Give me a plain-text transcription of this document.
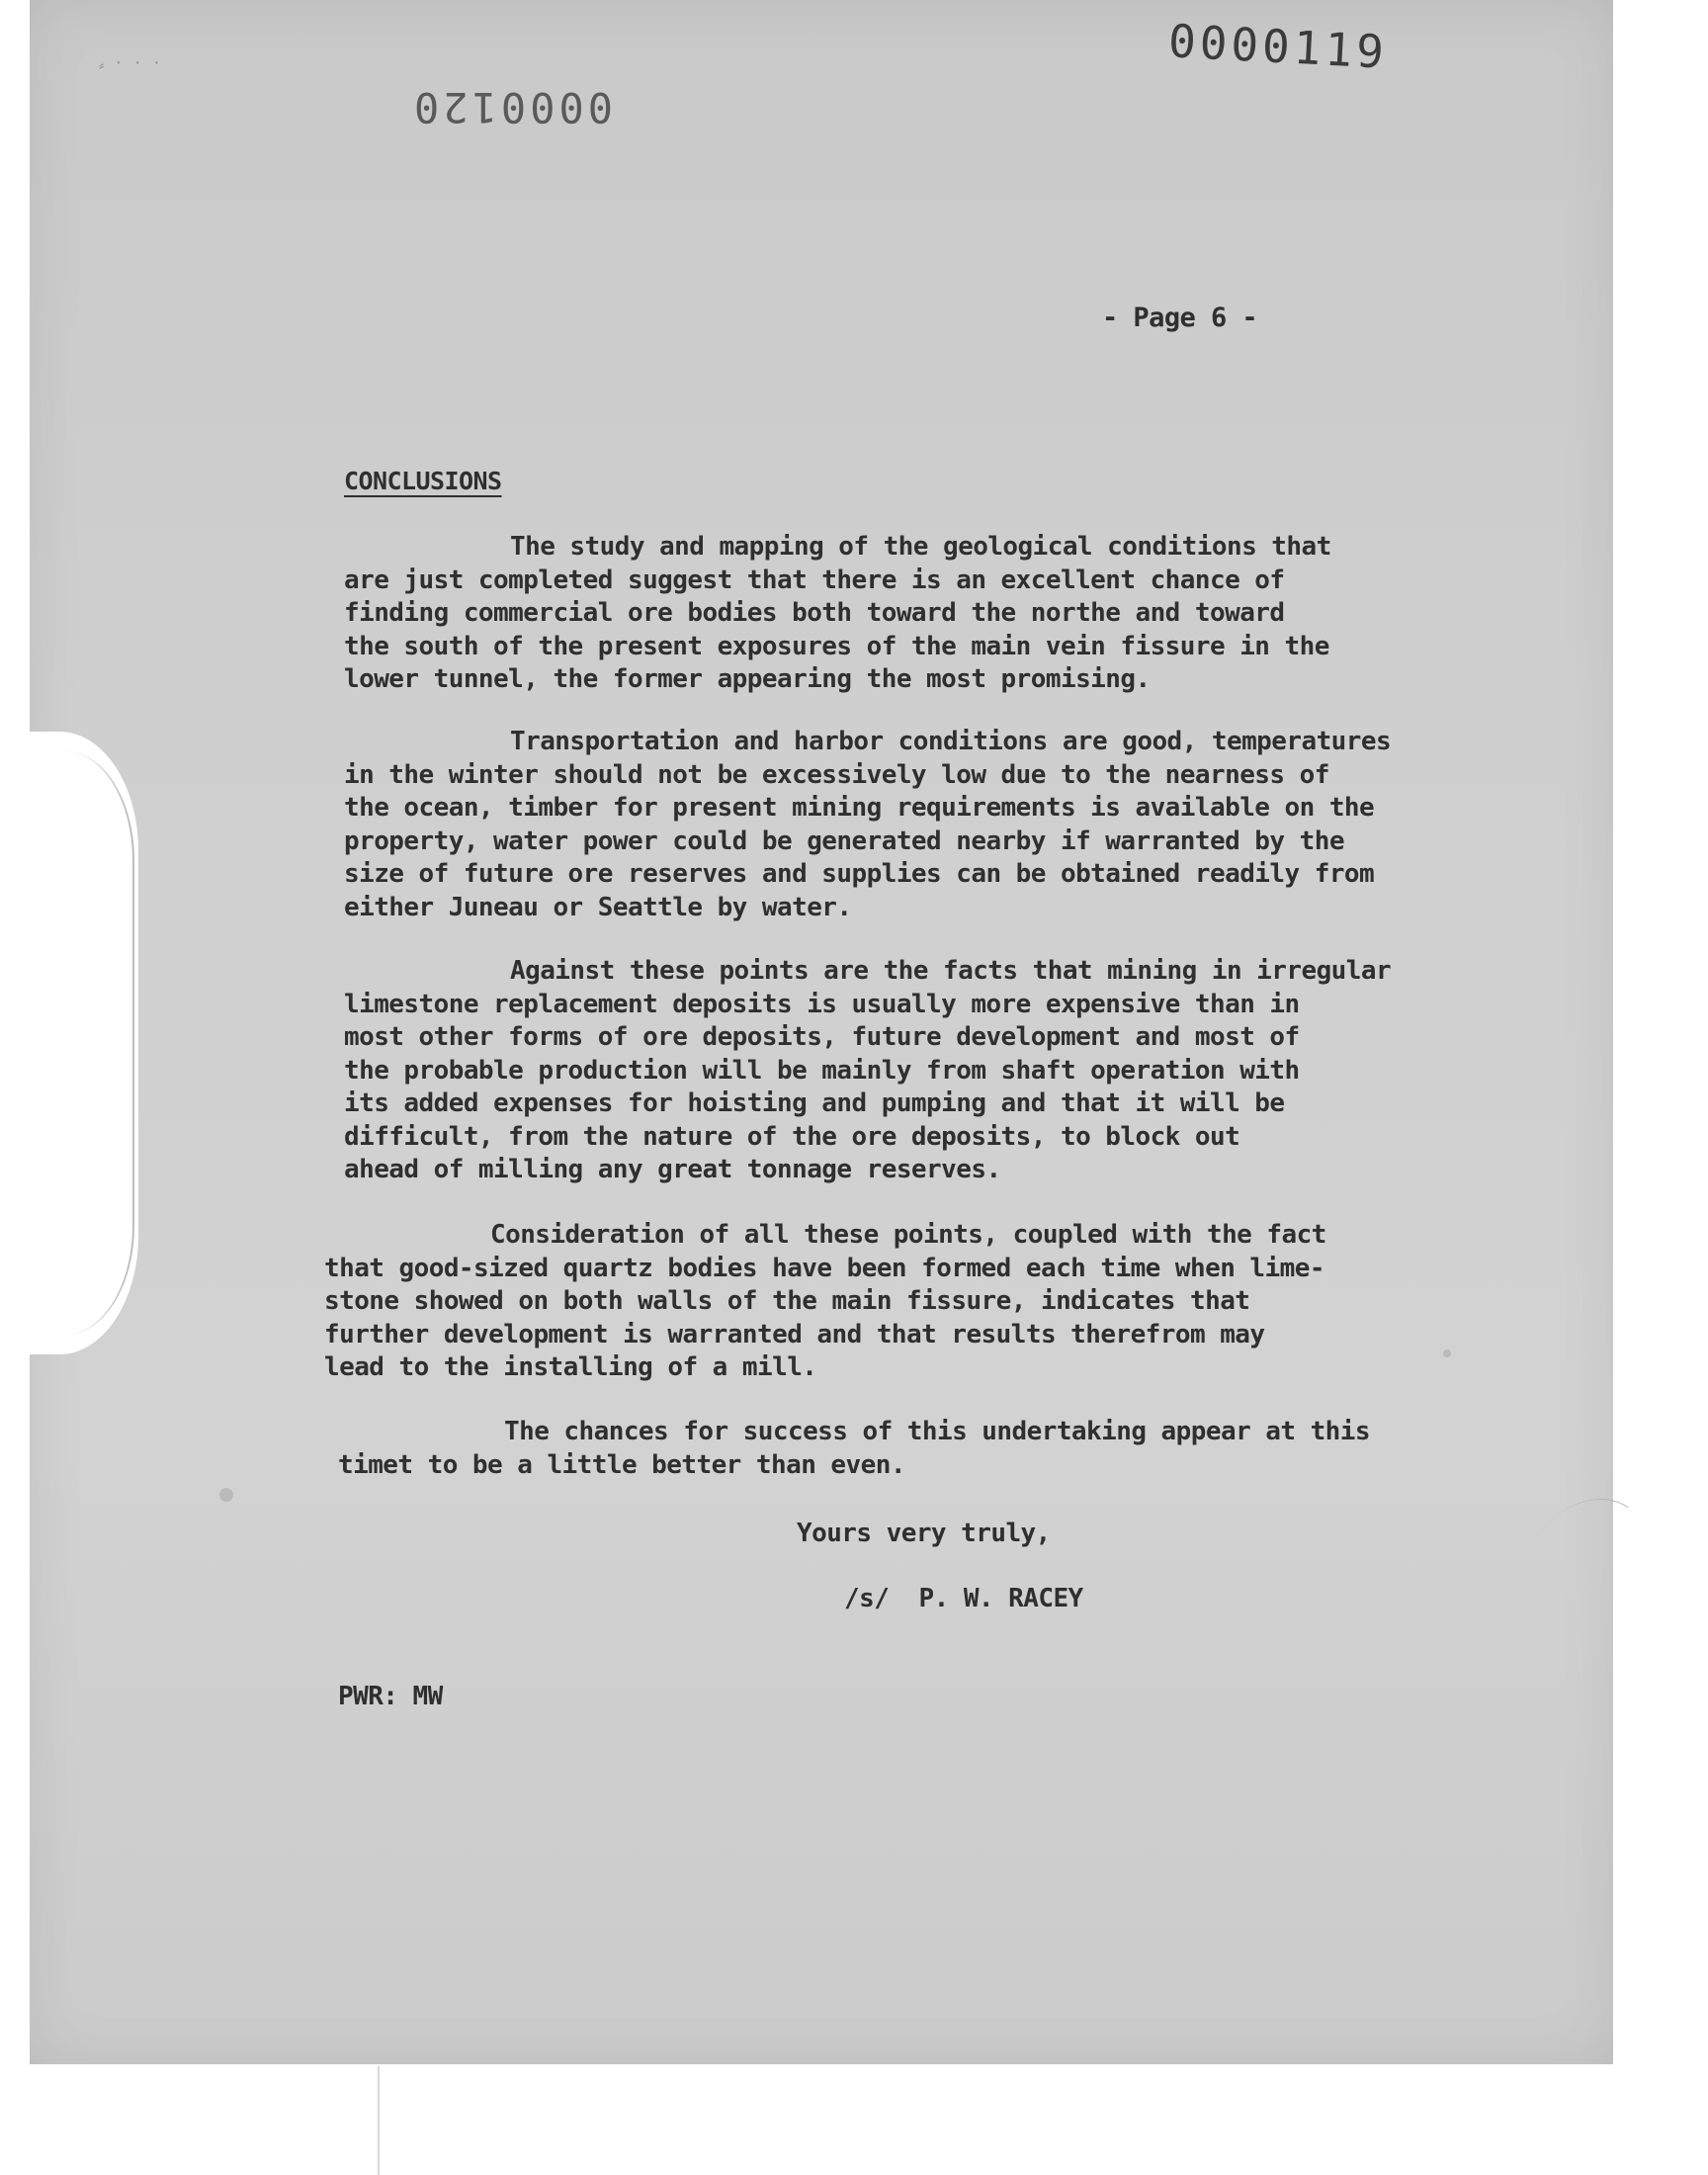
⸗ ˑ ˑ ˑ	0000119
0000120
- Page 6 -
CONCLUSIONS
The study and mapping of the geological conditions that
are just completed suggest that there is an excellent chance of
finding commercial ore bodies both toward the northe and toward
the south of the present exposures of the main vein fissure in the
lower tunnel, the former appearing the most promising.
Transportation and harbor conditions are good, temperatures
in the winter should not be excessively low due to the nearness of
the ocean, timber for present mining requirements is available on the
property, water power could be generated nearby if warranted by the
size of future ore reserves and supplies can be obtained readily from
either Juneau or Seattle by water.
Against these points are the facts that mining in irregular
limestone replacement deposits is usually more expensive than in
most other forms of ore deposits, future development and most of
the probable production will be mainly from shaft operation with
its added expenses for hoisting and pumping and that it will be
difficult, from the nature of the ore deposits, to block out
ahead of milling any great tonnage reserves.
Consideration of all these points, coupled with the fact
that good-sized quartz bodies have been formed each time when lime-
stone showed on both walls of the main fissure, indicates that
further development is warranted and that results therefrom may
lead to the installing of a mill.
The chances for success of this undertaking appear at this
timet to be a little better than even.
Yours very truly,
/s/  P. W. RACEY
PWR: MW
